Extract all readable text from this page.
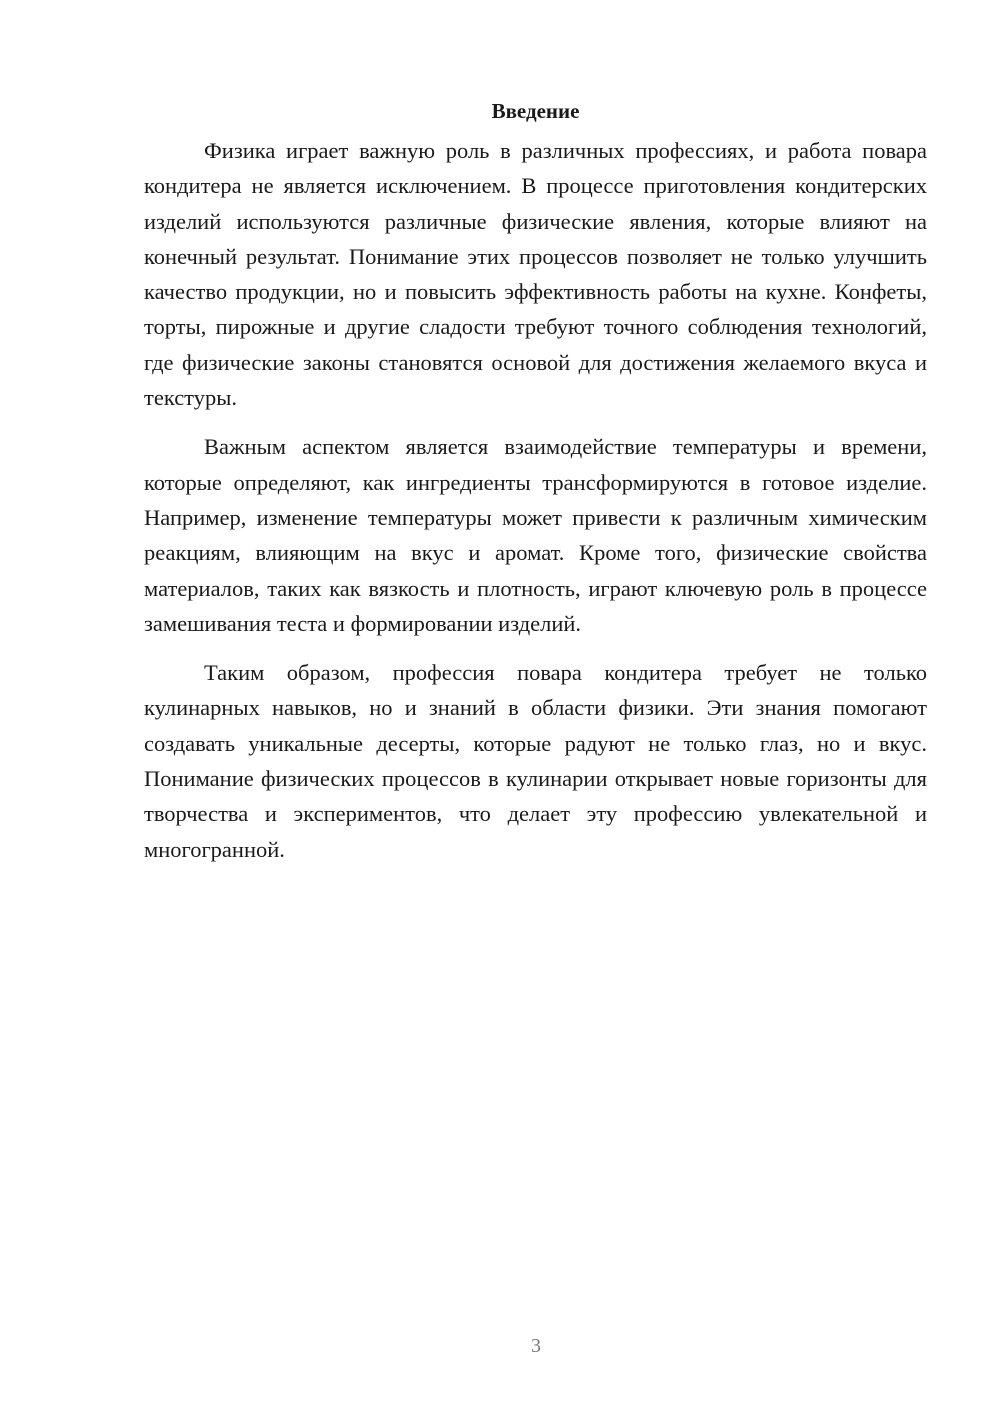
Введение

Физика играет важную роль в различных профессиях, и работа повара кондитера не является исключением. В процессе приготовления кондитерских изделий используются различные физические явления, которые влияют на конечный результат. Понимание этих процессов позволяет не только улучшить качество продукции, но и повысить эффективность работы на кухне. Конфеты, торты, пирожные и другие сладости требуют точного соблюдения технологий, где физические законы становятся основой для достижения желаемого вкуса и текстуры.

Важным аспектом является взаимодействие температуры и времени, которые определяют, как ингредиенты трансформируются в готовое изделие. Например, изменение температуры может привести к различным химическим реакциям, влияющим на вкус и аромат. Кроме того, физические свойства материалов, таких как вязкость и плотность, играют ключевую роль в процессе замешивания теста и формировании изделий.

Таким образом, профессия повара кондитера требует не только кулинарных навыков, но и знаний в области физики. Эти знания помогают создавать уникальные десерты, которые радуют не только глаз, но и вкус. Понимание физических процессов в кулинарии открывает новые горизонты для творчества и экспериментов, что делает эту профессию увлекательной и многогранной.

3
